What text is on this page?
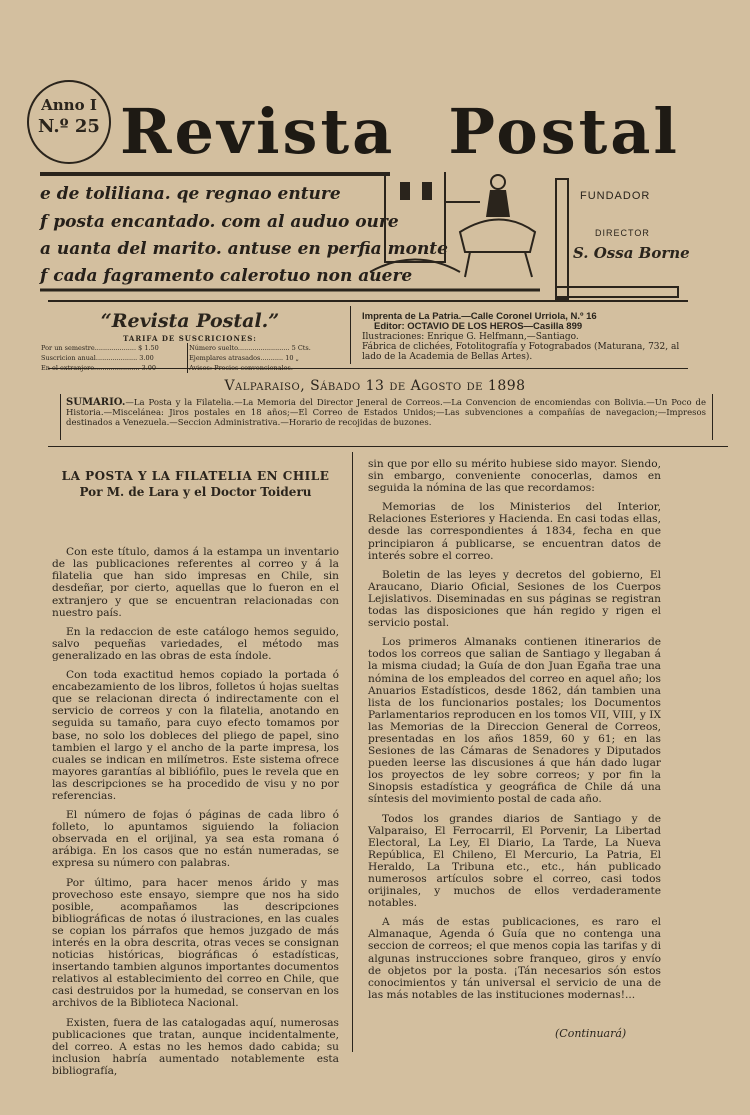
Anno I
N.º 25 Revista Postal
e de toliliana. qe regnao enture
f posta encantado. com al auduo oure
a uanta del marito. antuse en perfia monte
f cada fagramento calerotuo non auere
FUNDADOR
DIRECTOR
S. Ossa Borne
“Revista Postal.”
TARIFA DE SUSCRICIONES:
Por un semestre.................... $ 1.50	Número suelto......................... 5 Cts.
Suscricion anual.................... 3.00	Ejemplares atrasados........... 10 „
En el extranjero...................... 3.00	Avisos: Precios convencionales.
Imprenta de La Patria.—Calle Coronel Urriola, N.º 16
Editor: OCTAVIO DE LOS HEROS—Casilla 899
Ilustraciones: Enrique G. Helfmann,—Santiago.
Fábrica de clichées, Fotolitografía y Fotograbados (Maturana, 732, al lado de la Academia de Bellas Artes).
Valparaiso, Sábado 13 de Agosto de 1898
SUMARIO.—La Posta y la Filatelia.—La Memoria del Director Jeneral de Correos.—La Convencion de encomiendas con Bolivia.—Un Poco de Historia.—Miscelánea: Jiros postales en 18 años;—El Correo de Estados Unidos;—Las subvenciones a compañías de navegacion;—Impresos destinados a Venezuela.—Seccion Administrativa.—Horario de recojidas de buzones.
LA POSTA Y LA FILATELIA EN CHILE
Por M. de Lara y el Doctor Toideru

Con este título, damos á la estampa un inventario de las publicaciones referentes al correo y á la filatelia que han sido impresas en Chile, sin desdeñar, por cierto, aquellas que lo fueron en el extranjero y que se encuentran relacionadas con nuestro país.

En la redaccion de este catálogo hemos seguido, salvo pequeñas variedades, el método mas generalizado en las obras de esta índole.

Con toda exactitud hemos copiado la portada ó encabezamiento de los libros, folletos ú hojas sueltas que se relacionan directa ó indirectamente con el servicio de correos y con la filatelia, anotando en seguida su tamaño, para cuyo efecto tomamos por base, no solo los dobleces del pliego de papel, sino tambien el largo y el ancho de la parte impresa, los cuales se indican en milímetros. Este sistema ofrece mayores garantías al bibliófilo, pues le revela que en las descripciones se ha procedido de visu y no por referencias.

El número de fojas ó páginas de cada libro ó folleto, lo apuntamos siguiendo la foliacion observada en el orijinal, ya sea esta romana ó arábiga. En los casos que no están numeradas, se expresa su número con palabras.

Por último, para hacer menos árido y mas provechoso este ensayo, siempre que nos ha sido posible, acompañamos las descripciones bibliográficas de notas ó ilustraciones, en las cuales se copian los párrafos que hemos juzgado de más interés en la obra descrita, otras veces se consignan noticias históricas, biográficas ó estadísticas, insertando tambien algunos importantes documentos relativos al establecimiento del correo en Chile, que casi destruidos por la humedad, se conservan en los archivos de la Biblioteca Nacional.

Existen, fuera de las catalogadas aquí, numerosas publicaciones que tratan, aunque incidentalmente, del correo. A estas no les hemos dado cabida; su inclusion habría aumentado notablemente esta bibliografía,

sin que por ello su mérito hubiese sido mayor. Siendo, sin embargo, conveniente conocerlas, damos en seguida la nómina de las que recordamos:

Memorias de los Ministerios del Interior, Relaciones Esteriores y Hacienda. En casi todas ellas, desde las correspondientes á 1834, fecha en que principiaron á publicarse, se encuentran datos de interés sobre el correo.

Boletin de las leyes y decretos del gobierno, El Araucano, Diario Oficial, Sesiones de los Cuerpos Lejislativos. Diseminadas en sus páginas se registran todas las disposiciones que hán regido y rigen el servicio postal.

Los primeros Almanaks contienen itinerarios de todos los correos que salian de Santiago y llegaban á la misma ciudad; la Guía de don Juan Egaña trae una nómina de los empleados del correo en aquel año; los Anuarios Estadísticos, desde 1862, dán tambien una lista de los funcionarios postales; los Documentos Parlamentarios reproducen en los tomos VII, VIII, y IX las Memorias de la Direccion General de Correos, presentadas en los años 1859, 60 y 61; en las Sesiones de las Cámaras de Senadores y Diputados pueden leerse las discusiones á que hán dado lugar los proyectos de ley sobre correos; y por fin la Sinopsis estadística y geográfica de Chile dá una síntesis del movimiento postal de cada año.

Todos los grandes diarios de Santiago y de Valparaiso, El Ferrocarril, El Porvenir, La Libertad Electoral, La Ley, El Diario, La Tarde, La Nueva República, El Chileno, El Mercurio, La Patria, El Heraldo, La Tribuna etc., etc., hán publicado numerosos artículos sobre el correo, casi todos orijinales, y muchos de ellos verdaderamente notables.

A más de estas publicaciones, es raro el Almanaque, Agenda ó Guía que no contenga una seccion de correos; el que menos copia las tarifas y di algunas instrucciones sobre franqueo, giros y envío de objetos por la posta. ¡Tán necesarios són estos conocimientos y tán universal el servicio de una de las más notables de las instituciones modernas!...

(Continuará)
